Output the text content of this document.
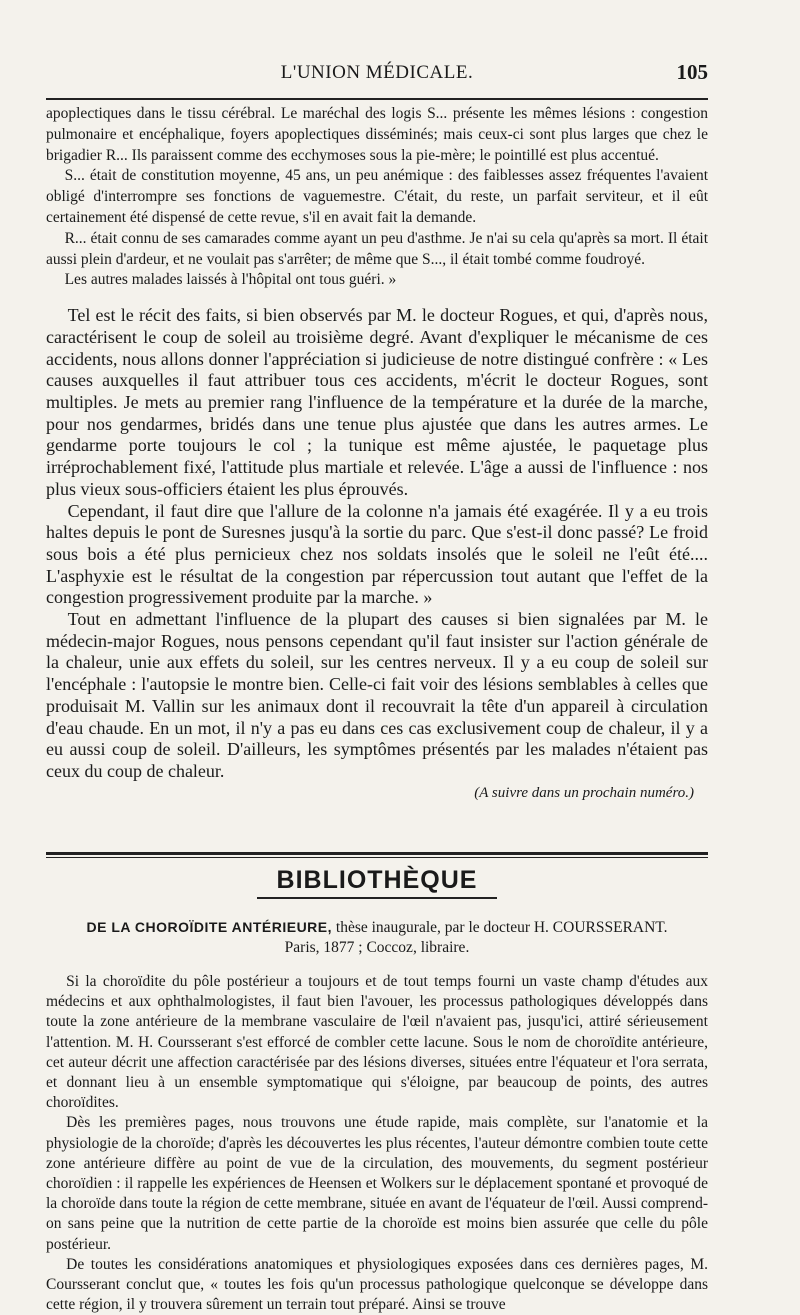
L'UNION MÉDICALE.	105

apoplectiques dans le tissu cérébral. Le maréchal des logis S... présente les mêmes lésions : congestion pulmonaire et encéphalique, foyers apoplectiques disséminés; mais ceux-ci sont plus larges que chez le brigadier R... Ils paraissent comme des ecchymoses sous la pie-mère; le pointillé est plus accentué.

S... était de constitution moyenne, 45 ans, un peu anémique : des faiblesses assez fréquentes l'avaient obligé d'interrompre ses fonctions de vaguemestre. C'était, du reste, un parfait serviteur, et il eût certainement été dispensé de cette revue, s'il en avait fait la demande.

R... était connu de ses camarades comme ayant un peu d'asthme. Je n'ai su cela qu'après sa mort. Il était aussi plein d'ardeur, et ne voulait pas s'arrêter; de même que S..., il était tombé comme foudroyé.

Les autres malades laissés à l'hôpital ont tous guéri. »

Tel est le récit des faits, si bien observés par M. le docteur Rogues, et qui, d'après nous, caractérisent le coup de soleil au troisième degré. Avant d'expliquer le mécanisme de ces accidents, nous allons donner l'appréciation si judicieuse de notre distingué confrère : « Les causes auxquelles il faut attribuer tous ces accidents, m'écrit le docteur Rogues, sont multiples. Je mets au premier rang l'influence de la température et la durée de la marche, pour nos gendarmes, bridés dans une tenue plus ajustée que dans les autres armes. Le gendarme porte toujours le col ; la tunique est même ajustée, le paquetage plus irréprochablement fixé, l'attitude plus martiale et relevée. L'âge a aussi de l'influence : nos plus vieux sous-officiers étaient les plus éprouvés.

Cependant, il faut dire que l'allure de la colonne n'a jamais été exagérée. Il y a eu trois haltes depuis le pont de Suresnes jusqu'à la sortie du parc. Que s'est-il donc passé? Le froid sous bois a été plus pernicieux chez nos soldats insolés que le soleil ne l'eût été.... L'asphyxie est le résultat de la congestion par répercussion tout autant que l'effet de la congestion progressivement produite par la marche. »

Tout en admettant l'influence de la plupart des causes si bien signalées par M. le médecin-major Rogues, nous pensons cependant qu'il faut insister sur l'action générale de la chaleur, unie aux effets du soleil, sur les centres nerveux. Il y a eu coup de soleil sur l'encéphale : l'autopsie le montre bien. Celle-ci fait voir des lésions semblables à celles que produisait M. Vallin sur les animaux dont il recouvrait la tête d'un appareil à circulation d'eau chaude. En un mot, il n'y a pas eu dans ces cas exclusivement coup de chaleur, il y a eu aussi coup de soleil. D'ailleurs, les symptômes présentés par les malades n'étaient pas ceux du coup de chaleur.

(A suivre dans un prochain numéro.)

BIBLIOTHÈQUE

DE LA CHOROÏDITE ANTÉRIEURE, thèse inaugurale, par le docteur H. COURSSERANT.

Paris, 1877 ; Coccoz, libraire.

Si la choroïdite du pôle postérieur a toujours et de tout temps fourni un vaste champ d'études aux médecins et aux ophthalmologistes, il faut bien l'avouer, les processus pathologiques développés dans toute la zone antérieure de la membrane vasculaire de l'œil n'avaient pas, jusqu'ici, attiré sérieusement l'attention. M. H. Coursserant s'est efforcé de combler cette lacune. Sous le nom de choroïdite antérieure, cet auteur décrit une affection caractérisée par des lésions diverses, situées entre l'équateur et l'ora serrata, et donnant lieu à un ensemble symptomatique qui s'éloigne, par beaucoup de points, des autres choroïdites.

Dès les premières pages, nous trouvons une étude rapide, mais complète, sur l'anatomie et la physiologie de la choroïde; d'après les découvertes les plus récentes, l'auteur démontre combien toute cette zone antérieure diffère au point de vue de la circulation, des mouvements, du segment postérieur choroïdien : il rappelle les expériences de Heensen et Wolkers sur le déplacement spontané et provoqué de la choroïde dans toute la région de cette membrane, située en avant de l'équateur de l'œil. Aussi comprend-on sans peine que la nutrition de cette partie de la choroïde est moins bien assurée que celle du pôle postérieur.

De toutes les considérations anatomiques et physiologiques exposées dans ces dernières pages, M. Coursserant conclut que, « toutes les fois qu'un processus pathologique quelconque se développe dans cette région, il y trouvera sûrement un terrain tout préparé. Ainsi se trouve
